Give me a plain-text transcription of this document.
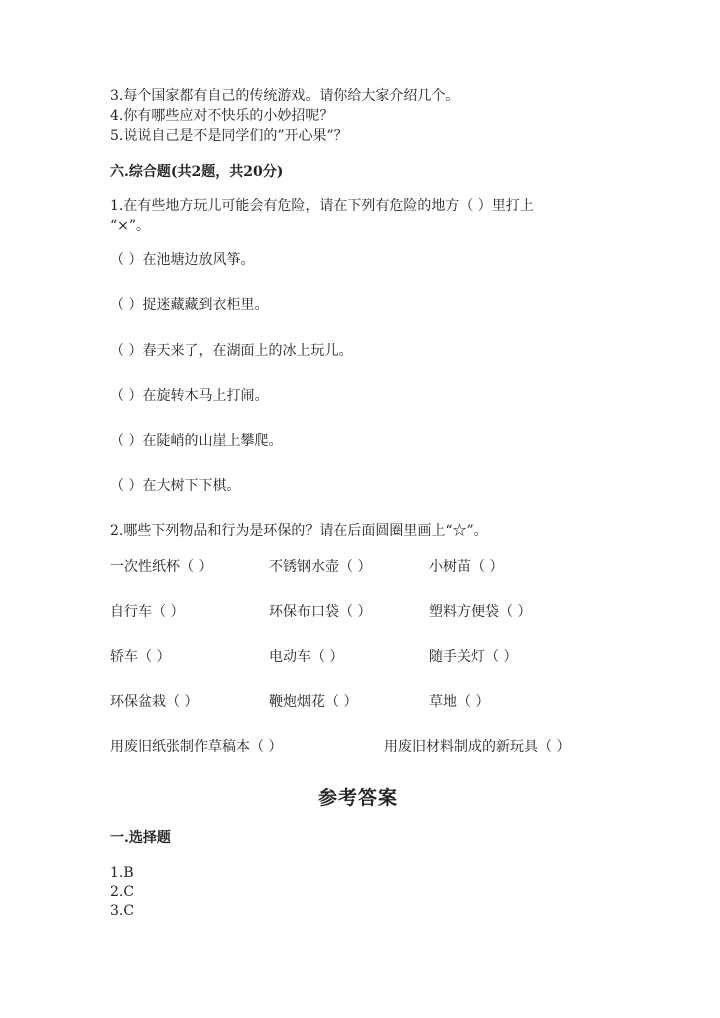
3.每个国家都有自己的传统游戏。请你给大家介绍几个。
4.你有哪些应对不快乐的小妙招呢？
5.说说自己是不是同学们的”开心果”？
六.综合题(共2题，共20分)
1.在有些地方玩儿可能会有危险，请在下列有危险的地方（ ）里打上
“×”。
（ ）在池塘边放风筝。
（ ）捉迷藏藏到衣柜里。
（ ）春天来了，在湖面上的冰上玩儿。
（ ）在旋转木马上打闹。
（ ）在陡峭的山崖上攀爬。
（ ）在大树下下棋。
2.哪些下列物品和行为是环保的？请在后面圆圈里画上“☆”。
一次性纸杯（ ）	不锈钢水壶（ ）	小树苗（ ）
自行车（ ）	环保布口袋（ ）	塑料方便袋（ ）
轿车（ ）	电动车（ ）	随手关灯（ ）
环保盆栽（ ）	鞭炮烟花（ ）	草地（ ）
用废旧纸张制作草稿本（ ）	用废旧材料制成的新玩具（ ）
参考答案
一.选择题
1.B
2.C
3.C
